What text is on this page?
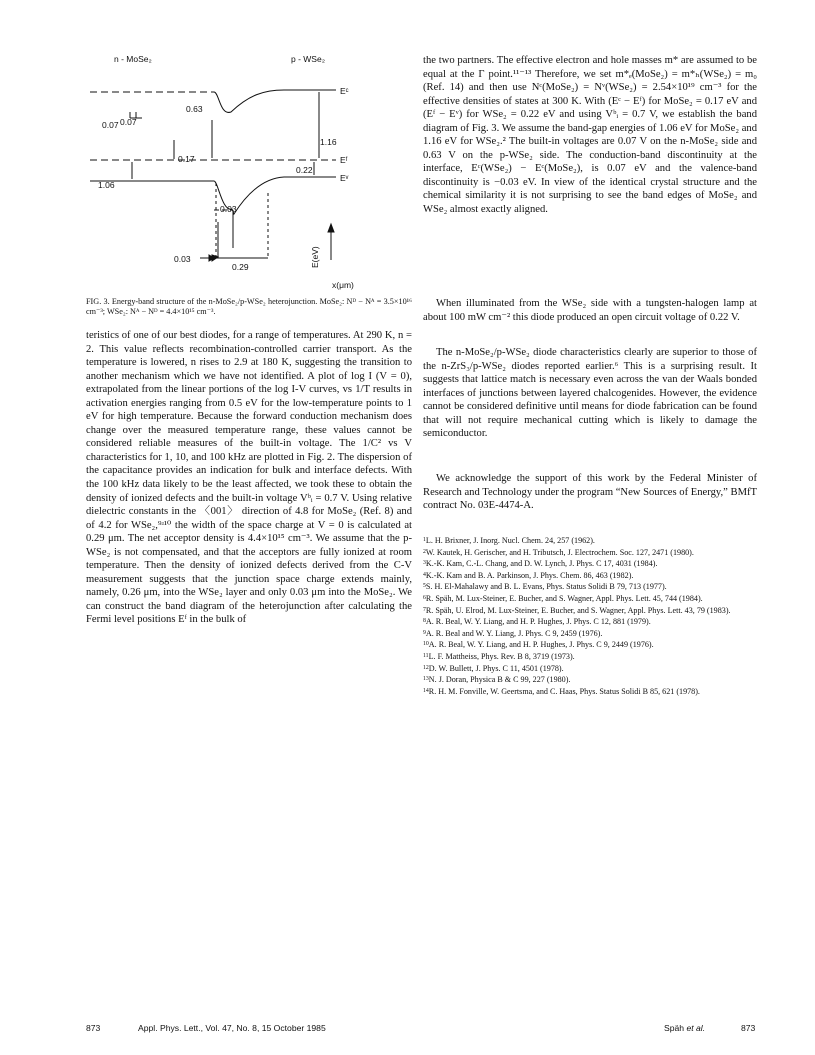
n - MoSe₂	p - WSe₂
Eᶜ
Eᶠ
Eᵛ
0.63
0.07 0.07
1.16
0.17
0.22
1.06
0.03
0.03
0.29	E(eV)
x(μm)

FIG. 3. Energy-band structure of the n-MoSe₂/p-WSe₂ heterojunction. MoSe₂: Nᴰ − Nᴬ = 3.5×10¹⁶ cm⁻³; WSe₂: Nᴬ − Nᴰ = 4.4×10¹⁵ cm⁻³.

teristics of one of our best diodes, for a range of temperatures. At 290 K, n = 2. This value reflects recombination-controlled carrier transport. As the temperature is lowered, n rises to 2.9 at 180 K, suggesting the transition to another mechanism which we have not identified. A plot of log I (V = 0), extrapolated from the linear portions of the log I-V curves, vs 1/T results in activation energies ranging from 0.5 eV for the low-temperature points to 1 eV for high temperature. Because the forward conduction mechanism does change over the measured temperature range, these values cannot be considered reliable measures of the built-in voltage. The 1/C² vs V characteristics for 1, 10, and 100 kHz are plotted in Fig. 2. The dispersion of the capacitance provides an indication for bulk and interface defects. With the 100 kHz data likely to be the least affected, we took these to obtain the density of ionized defects and the built-in voltage Vᵇᵢ = 0.7 V. Using relative dielectric constants in the 〈001〉 direction of 4.8 for MoSe₂ (Ref. 8) and of 4.2 for WSe₂,⁹ʴ¹⁰ the width of the space charge at V = 0 is calculated at 0.29 μm. The net acceptor density is 4.4×10¹⁵ cm⁻³. We assume that the p-WSe₂ is not compensated, and that the acceptors are fully ionized at room temperature. Then the density of ionized defects derived from the C-V measurement suggests that the junction space charge extends mainly, namely, 0.26 μm, into the WSe₂ layer and only 0.03 μm into the MoSe₂. We can construct the band diagram of the heterojunction after calculating the Fermi level positions Eᶠ in the bulk of

the two partners. The effective electron and hole masses m* are assumed to be equal at the Γ point.¹¹⁻¹³ Therefore, we set m*ₑ(MoSe₂) = m*ₕ(WSe₂) = m₀ (Ref. 14) and then use Nᶜ(MoSe₂) = Nᵛ(WSe₂) = 2.54×10¹⁹ cm⁻³ for the effective densities of states at 300 K. With (Eᶜ − Eᶠ) for MoSe₂ = 0.17 eV and (Eᶠ − Eᵛ) for WSe₂ = 0.22 eV and using Vᵇᵢ = 0.7 V, we establish the band diagram of Fig. 3. We assume the band-gap energies of 1.06 eV for MoSe₂ and 1.16 eV for WSe₂.² The built-in voltages are 0.07 V on the n-MoSe₂ side and 0.63 V on the p-WSe₂ side. The conduction-band discontinuity at the interface, Eᶜ(WSe₂) − Eᶜ(MoSe₂), is 0.07 eV and the valence-band discontinuity is −0.03 eV. In view of the identical crystal structure and the chemical similarity it is not surprising to see the band edges of MoSe₂ and WSe₂ almost exactly aligned.

When illuminated from the WSe₂ side with a tungsten-halogen lamp at about 100 mW cm⁻² this diode produced an open circuit voltage of 0.22 V.

The n-MoSe₂/p-WSe₂ diode characteristics clearly are superior to those of the n-ZrS₃/p-WSe₂ diodes reported earlier.⁶ This is a surprising result. It suggests that lattice match is necessary even across the van der Waals bonded interfaces of junctions between layered chalcogenides. However, the evidence cannot be considered definitive until means for diode fabrication can be found that will not require mechanical cutting which is likely to damage the semiconductor.

We acknowledge the support of this work by the Federal Minister of Research and Technology under the program “New Sources of Energy,” BMfT contract No. 03E-4474-A.

$^1$L. H. Brixner, J. Inorg. Nucl. Chem. 24, 257 (1962).
$^2$W. Kautek, H. Gerischer, and H. Tributsch, J. Electrochem. Soc. 127, 2471 (1980).
$^3$K.-K. Kam, C.-L. Chang, and D. W. Lynch, J. Phys. C 17, 4031 (1984).
$^4$K.-K. Kam and B. A. Parkinson, J. Phys. Chem. 86, 463 (1982).
$^5$S. H. El-Mahalawy and B. L. Evans, Phys. Status Solidi B 79, 713 (1977).
$^6$R. Späh, M. Lux-Steiner, E. Bucher, and S. Wagner, Appl. Phys. Lett. 45, 744 (1984).
$^7$R. Späh, U. Elrod, M. Lux-Steiner, E. Bucher, and S. Wagner, Appl. Phys. Lett. 43, 79 (1983).
$^8$A. R. Beal, W. Y. Liang, and H. P. Hughes, J. Phys. C 12, 881 (1979).
$^9$A. R. Beal and W. Y. Liang, J. Phys. C 9, 2459 (1976).
$^{10}$A. R. Beal, W. Y. Liang, and H. P. Hughes, J. Phys. C 9, 2449 (1976).
$^{11}$L. F. Mattheiss, Phys. Rev. B 8, 3719 (1973).
$^{12}$D. W. Bullett, J. Phys. C 11, 4501 (1978).
$^{13}$N. J. Doran, Physica B & C 99, 227 (1980).
$^{14}$R. H. M. Fonville, W. Geertsma, and C. Haas, Phys. Status Solidi B 85, 621 (1978).
873	Appl. Phys. Lett., Vol. 47, No. 8, 15 October 1985	Späh et al.	873
